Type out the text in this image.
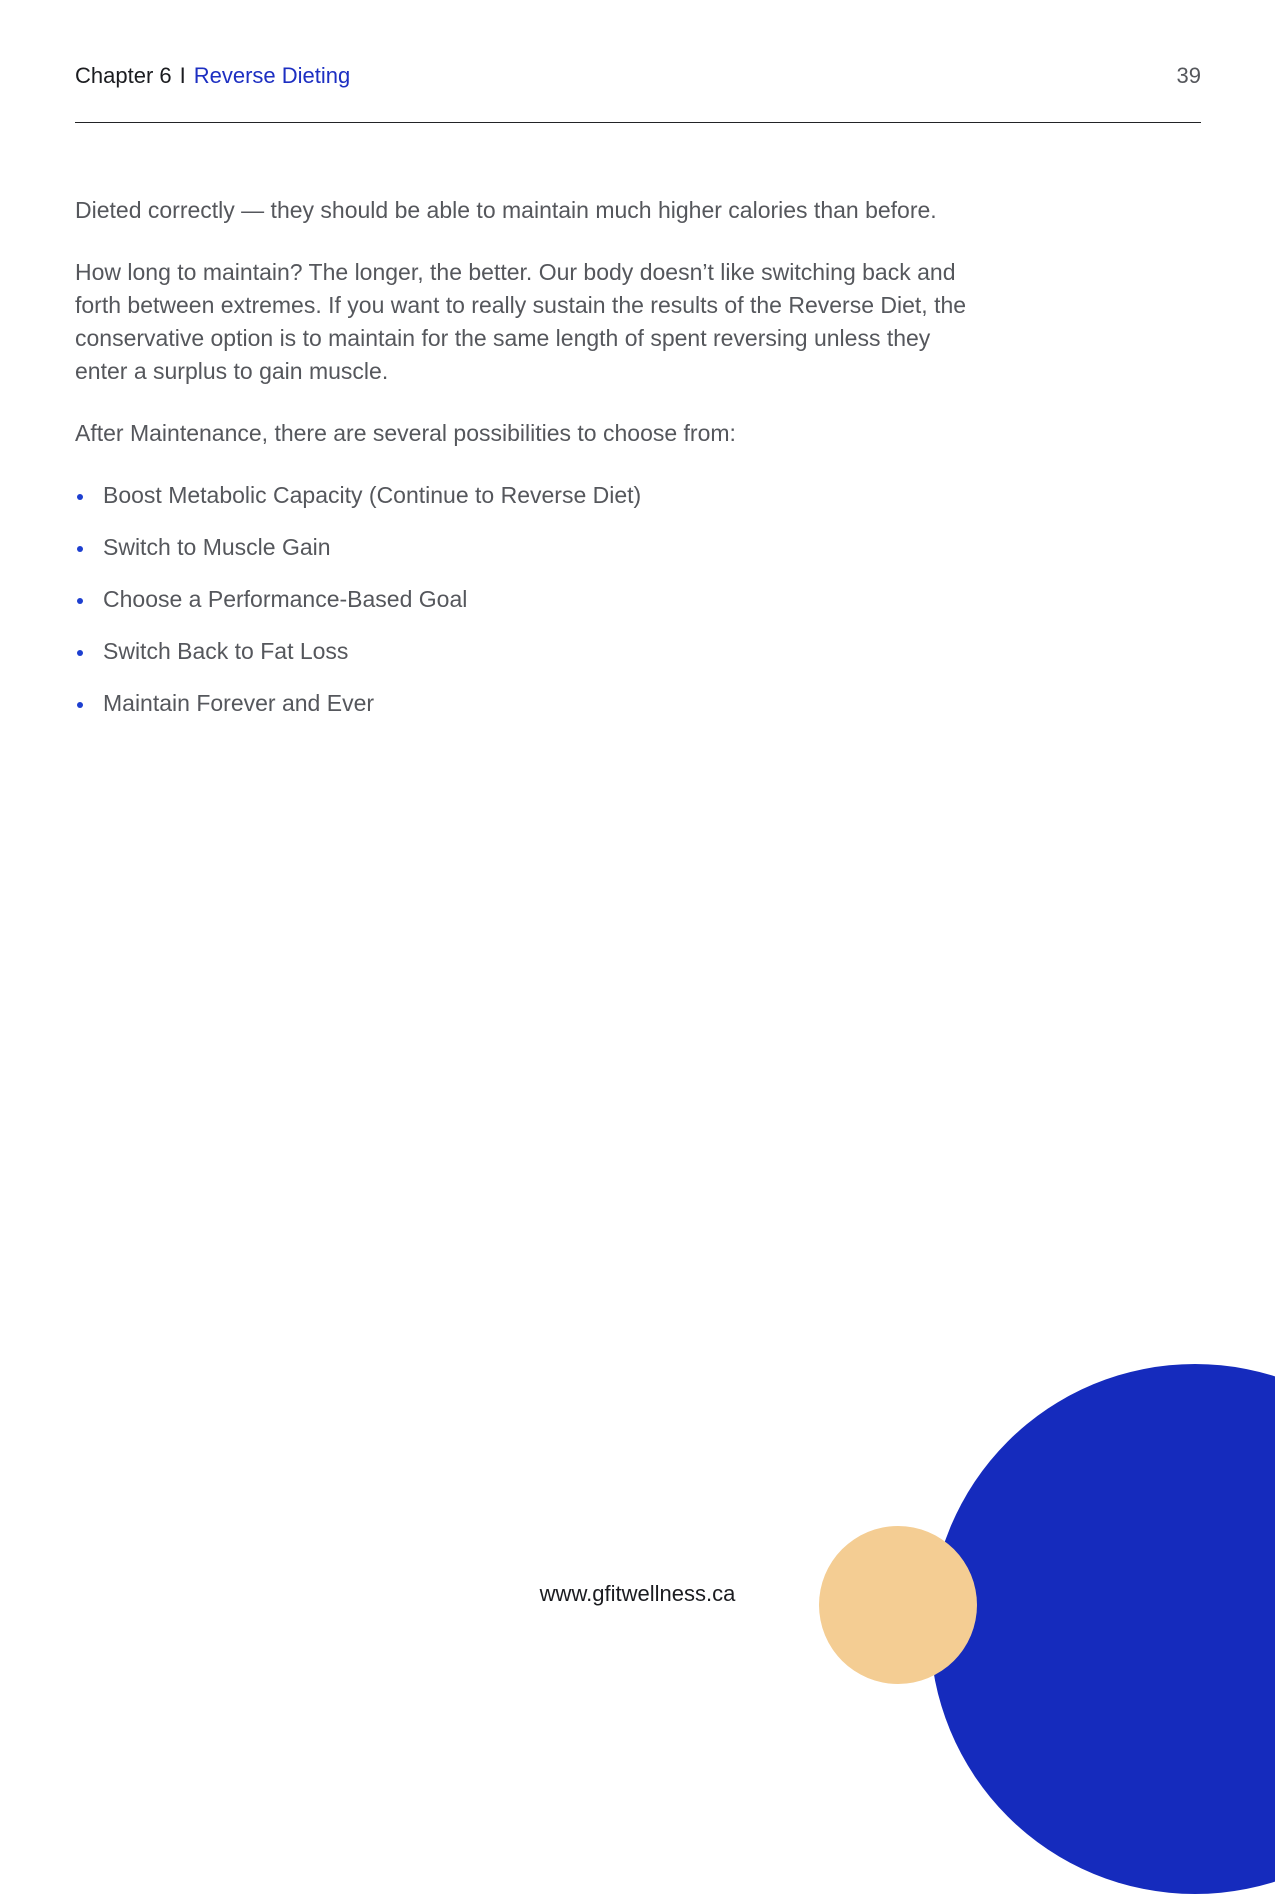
Chapter 6 I Reverse Dieting	39

Dieted correctly — they should be able to maintain much higher calories than before.

How long to maintain? The longer, the better. Our body doesn’t like switching back and forth between extremes. If you want to really sustain the results of the Reverse Diet, the conservative option is to maintain for the same length of spent reversing unless they enter a surplus to gain muscle.

After Maintenance, there are several possibilities to choose from:

Boost Metabolic Capacity (Continue to Reverse Diet)
Switch to Muscle Gain
Choose a Performance-Based Goal
Switch Back to Fat Loss
Maintain Forever and Ever
www.gfitwellness.ca
